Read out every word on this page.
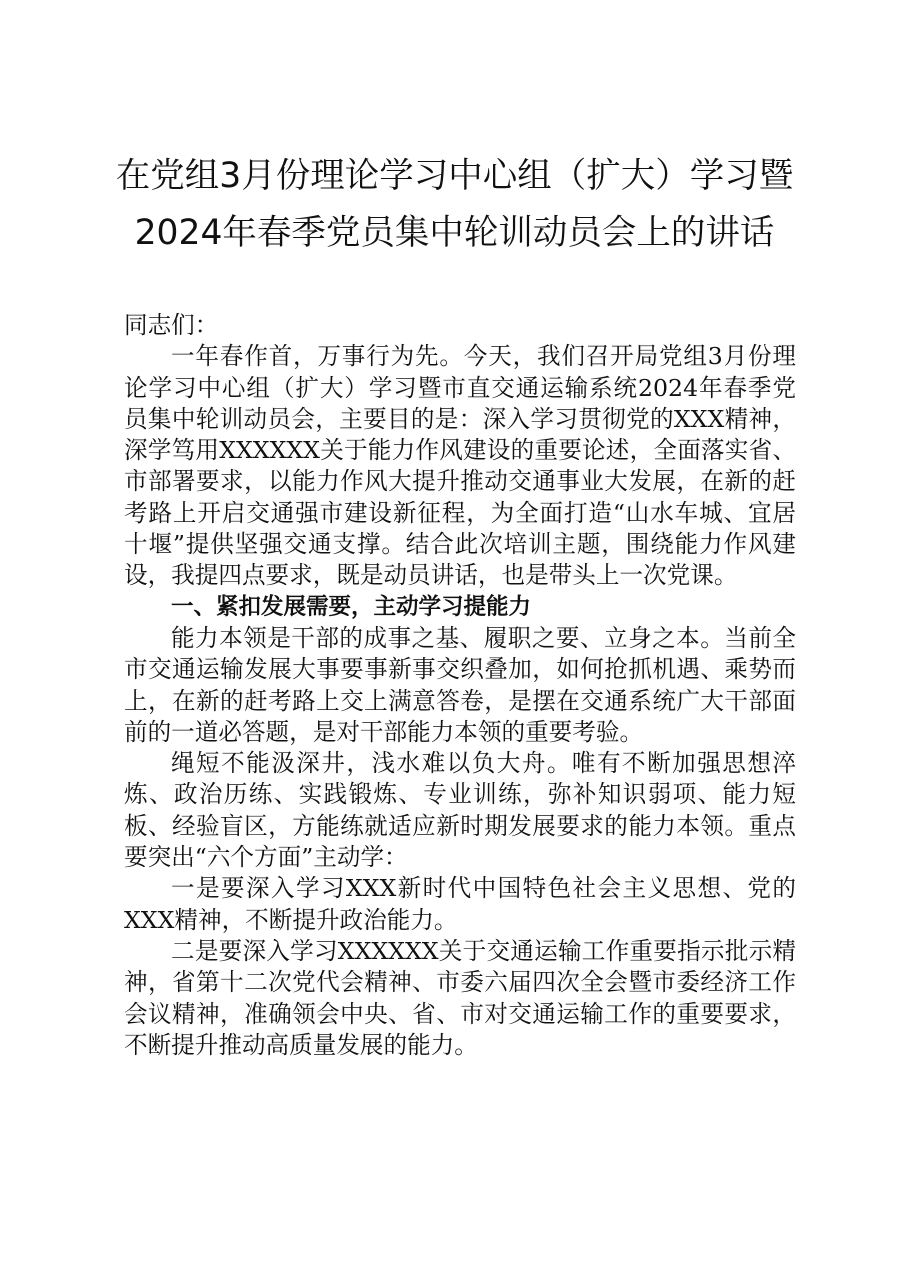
在党组3月份理论学习中心组（扩大）学习暨
2024年春季党员集中轮训动员会上的讲话

同志们：

一年春作首，万事行为先。今天，我们召开局党组3月份理论学习中心组（扩大）学习暨市直交通运输系统2024年春季党员集中轮训动员会，主要目的是：深入学习贯彻党的XXX精神，深学笃用XXXXXX关于能力作风建设的重要论述，全面落实省、市部署要求，以能力作风大提升推动交通事业大发展，在新的赶考路上开启交通强市建设新征程，为全面打造“山水车城、宜居十堰”提供坚强交通支撑。结合此次培训主题，围绕能力作风建设，我提四点要求，既是动员讲话，也是带头上一次党课。

一、紧扣发展需要，主动学习提能力

能力本领是干部的成事之基、履职之要、立身之本。当前全市交通运输发展大事要事新事交织叠加，如何抢抓机遇、乘势而上，在新的赶考路上交上满意答卷，是摆在交通系统广大干部面前的一道必答题，是对干部能力本领的重要考验。

绳短不能汲深井，浅水难以负大舟。唯有不断加强思想淬炼、政治历练、实践锻炼、专业训练，弥补知识弱项、能力短板、经验盲区，方能练就适应新时期发展要求的能力本领。重点要突出“六个方面”主动学：

一是要深入学习XXX新时代中国特色社会主义思想、党的XXX精神，不断提升政治能力。

二是要深入学习XXXXXX关于交通运输工作重要指示批示精神，省第十二次党代会精神、市委六届四次全会暨市委经济工作会议精神，准确领会中央、省、市对交通运输工作的重要要求，不断提升推动高质量发展的能力。
